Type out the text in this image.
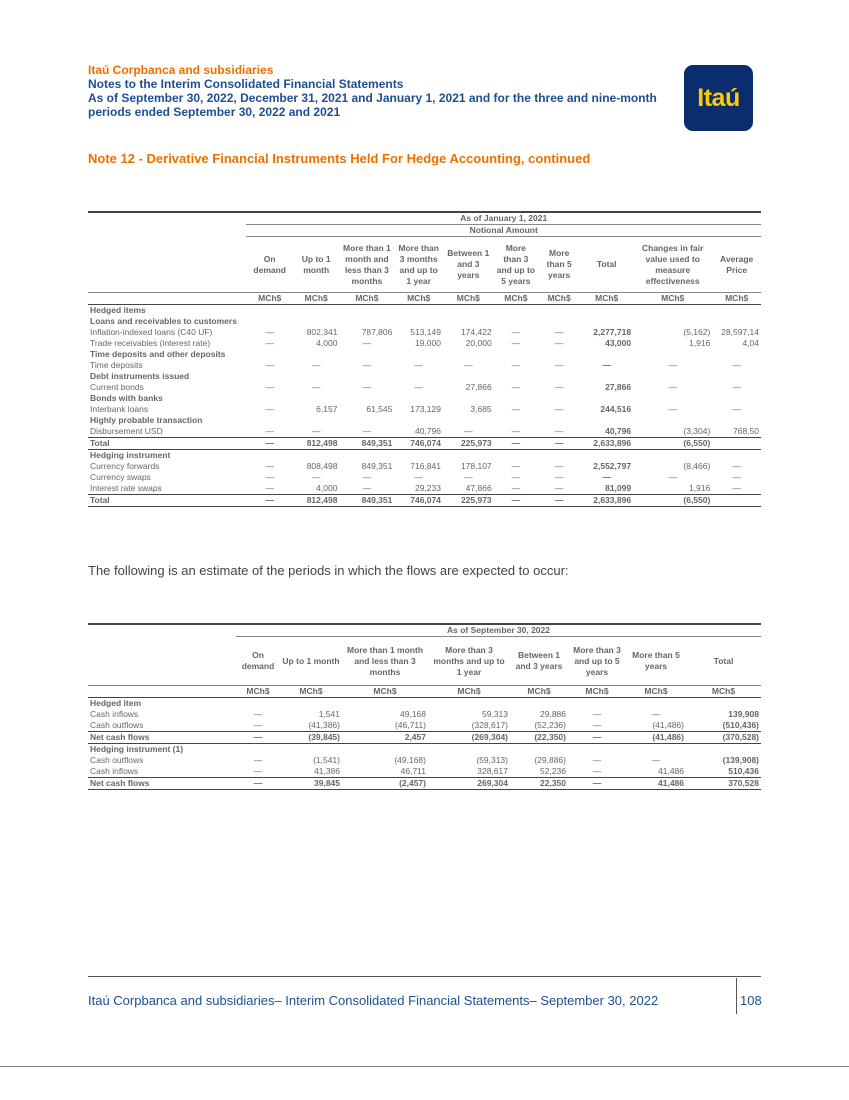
Itaú Corpbanca and subsidiaries
Notes to the Interim Consolidated Financial Statements
As of September 30, 2022, December 31, 2021 and January 1, 2021 and for the three and nine-month periods ended September 30, 2022 and 2021
Itaú
Note 12 - Derivative Financial Instruments Held For Hedge Accounting, continued
	As of January 1, 2021									
	Notional Amount									
	On demand	Up to 1 month	More than 1 month and less than 3 months	More than 3 months and up to 1 year	Between 1 and 3 years	More than 3 and up to 5 years	More than 5 years	Total	Changes in fair value used to measure effectiveness	Average Price
	MCh$	MCh$	MCh$	MCh$	MCh$	MCh$	MCh$	MCh$	MCh$	MCh$
Hedged items										
Loans and receivables to customers										
Inflation-indexed loans (C40 UF)	—	802,341	787,806	513,149	174,422	—	—	2,277,718	(5,162)	28,597,14
Trade receivables (interest rate)	—	4,000	—	19,000	20,000	—	—	43,000	1,916	4,04
Time deposits and other deposits										
Time deposits	—	—	—	—	—	—	—	—	—	—
Debt instruments issued										
Current bonds	—	—	—	—	27,866	—	—	27,866	—	—
Bonds with banks										
Interbank loans	—	6,157	61,545	173,129	3,685	—	—	244,516	—	—
Highly probable transaction										
Disbursement USD	—	—	—	40,796	—	—	—	40,796	(3,304)	768,50
Total	—	812,498	849,351	746,074	225,973	—	—	2,633,896	(6,550)	
Hedging instrument										
Currency forwards	—	808,498	849,351	716,841	178,107	—	—	2,552,797	(8,466)	—
Currency swaps	—	—	—	—	—	—	—	—	—	—
Interest rate swaps	—	4,000	—	29,233	47,866	—	—	81,099	1,916	—
Total	—	812,498	849,351	746,074	225,973	—	—	2,633,896	(6,550)	
The following is an estimate of the periods in which the flows are expected to occur:
	As of September 30, 2022							
	On demand	Up to 1 month	More than 1 month and less than 3 months	More than 3 months and up to 1 year	Between 1 and 3 years	More than 3 and up to 5 years	More than 5 years	Total
	MCh$	MCh$	MCh$	MCh$	MCh$	MCh$	MCh$	MCh$
Hedged item								
Cash inflows	—	1,541	49,168	59,313	29,886	—	—	139,908
Cash outflows	—	(41,386)	(46,711)	(328,617)	(52,236)	—	(41,486)	(510,436)
Net cash flows	—	(39,845)	2,457	(269,304)	(22,350)	—	(41,486)	(370,528)
Hedging instrument (1)								
Cash outflows	—	(1,541)	(49,168)	(59,313)	(29,886)	—	—	(139,908)
Cash inflows	—	41,386	46,711	328,617	52,236	—	41,486	510,436
Net cash flows	—	39,845	(2,457)	269,304	22,350	—	41,486	370,528
Itaú Corpbanca and subsidiaries– Interim Consolidated Financial Statements– September 30, 2022	108
